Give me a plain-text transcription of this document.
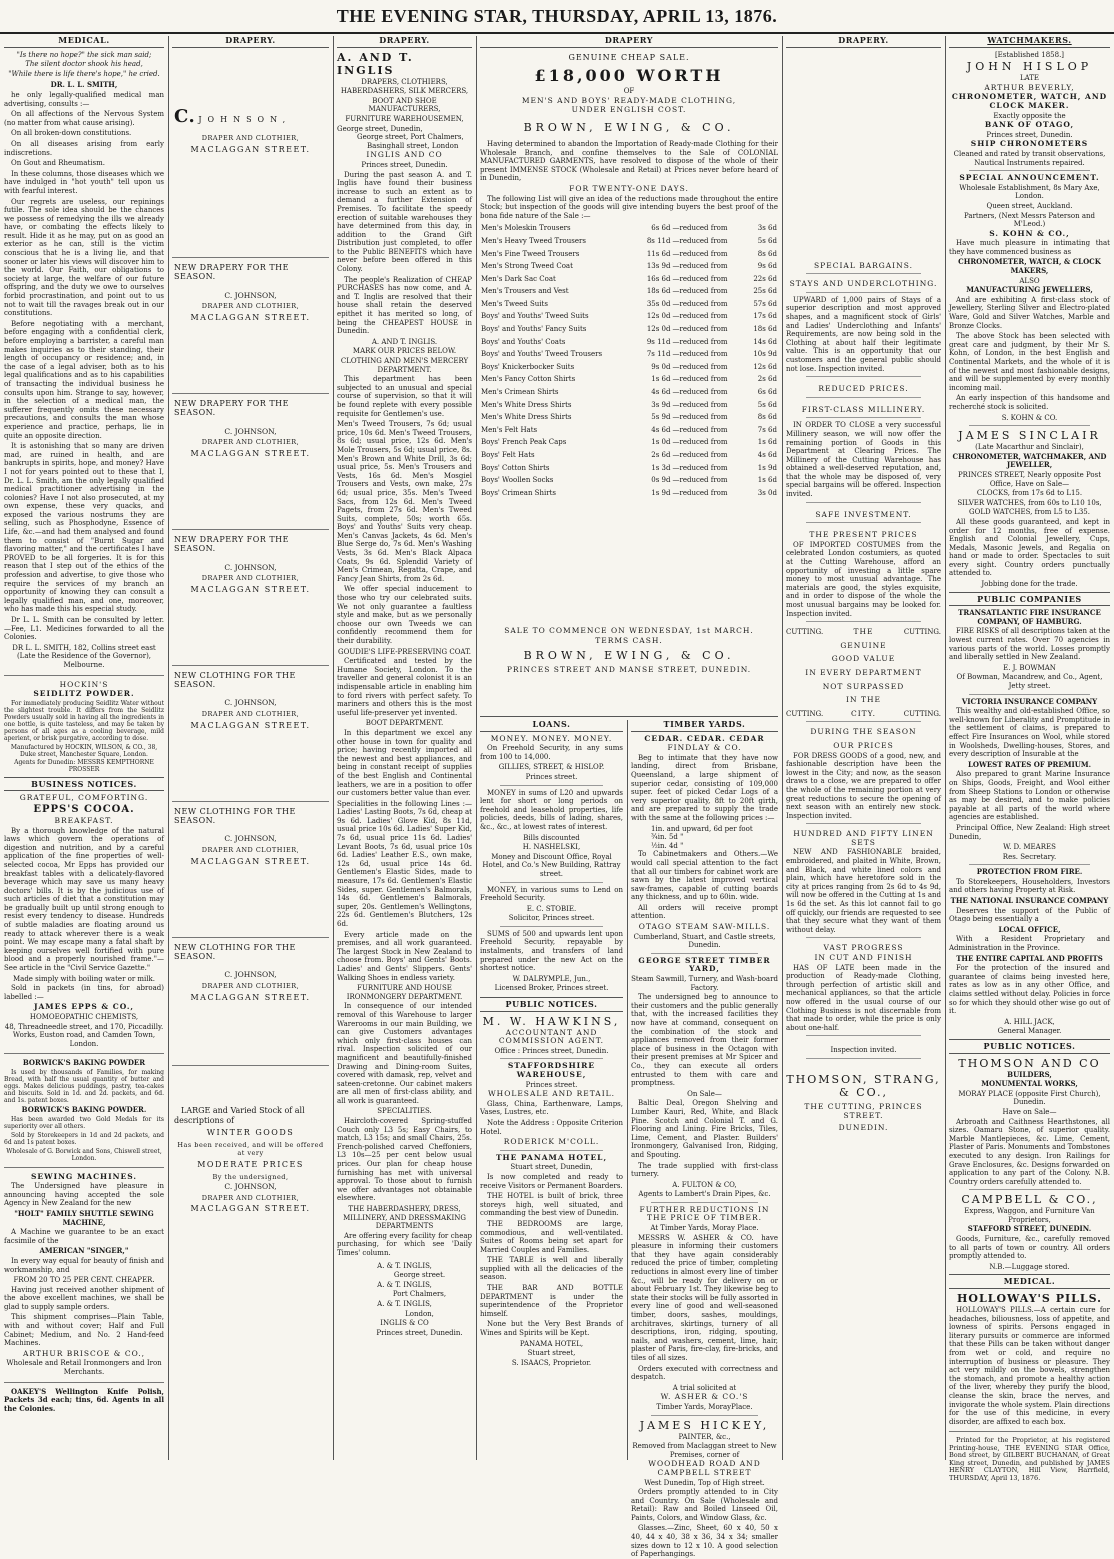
THE EVENING STAR, THURSDAY, APRIL 13, 1876.
MEDICAL.
"Is there no hope?" the sick man said;
The silent doctor shook his head,
"While there is life there's hope," he cried.
DR. L. L. SMITH,
he only legally-qualified medical man advertising, consults :—
On all affections of the Nervous System (no matter from what cause arising).
On all broken-down constitutions.
On all diseases arising from early indiscretions.
On Gout and Rheumatism.
In these columns, those diseases which we have indulged in "hot youth" tell upon us with fearful interest.
Our regrets are useless, our repinings futile. The sole idea should be the chances we possess of remedying the ills we already have, or combating the effects likely to result. Hide it as he may, put on as good an exterior as he can, still is the victim conscious that he is a living lie, and that sooner or later his views will discover him to the world. Our Faith, our obligations to society at large, the welfare of our future offspring, and the duty we owe to ourselves forbid procrastination, and point out to us not to wait till the ravages break out in our constitutions.
Before negotiating with a merchant, before engaging with a confidential clerk, before employing a barrister, a careful man makes inquiries as to their standing, their length of occupancy or residence; and, in the case of a legal adviser, both as to his legal qualifications and as to his capabilities of transacting the individual business he consults upon him. Strange to say, however, in the selection of a medical man, the sufferer frequently omits these necessary precautions, and consults the man whose experience and practice, perhaps, lie in quite an opposite direction.
It is astonishing that so many are driven mad, are ruined in health, and are bankrupts in spirits, hope, and money? Have I not for years pointed out to these that I, Dr. L. L. Smith, am the only legally qualified medical practitioner advertising in the colonies? Have I not also prosecuted, at my own expense, these very quacks, and exposed the various nostrums they are selling, such as Phosphodyne, Essence of Life, &c.—and had them analysed and found them to consist of "Burnt Sugar and flavoring matter," and the certificates I have PROVED to be all forgeries. It is for this reason that I step out of the ethics of the profession and advertise, to give those who require the services of my branch an opportunity of knowing they can consult a legally qualified man, and one, moreover, who has made this his especial study.
Dr L. L. Smith can be consulted by letter.—Fee, L1. Medicines forwarded to all the Colonies.
DR L. L. SMITH, 182, Collins street east (Late the Residence of the Governor), Melbourne.
HOCKIN'S
SEIDLITZ POWDER.
For immediately producing Seidlitz Water without the slightest trouble. It differs from the Seidlitz Powders usually sold in having all the ingredients in one bottle, is quite tasteless, and may be taken by persons of all ages as a cooling beverage, mild aperient, or brisk purgative, according to dose.
Manufactured by HOCKIN, WILSON, & CO., 38, Duke street, Manchester Square, London.
Agents for Dunedin: MESSRS KEMPTHORNE PROSSER
BUSINESS NOTICES.
GRATEFUL, COMFORTING.
EPPS'S COCOA.
BREAKFAST.
By a thorough knowledge of the natural laws which govern the operations of digestion and nutrition, and by a careful application of the fine properties of well-selected cocoa, Mr Epps has provided our breakfast tables with a delicately-flavored beverage which may save us many heavy doctors' bills. It is by the judicious use of such articles of diet that a constitution may be gradually built up until strong enough to resist every tendency to disease. Hundreds of subtle maladies are floating around us ready to attack wherever there is a weak point. We may escape many a fatal shaft by keeping ourselves well fortified with pure blood and a properly nourished frame."—See article in the "Civil Service Gazette."
Made simply with boiling water or milk.
Sold in packets (in tins, for abroad) labelled :—
JAMES EPPS & CO.,
HOMOEOPATHIC CHEMISTS,
48, Threadneedle street, and 170, Piccadilly. Works, Euston road, and Camden Town, London.
BORWICK'S BAKING POWDER
Is used by thousands of Families, for making Bread, with half the usual quantity of butter and eggs. Makes delicious puddings, pastry, tea-cakes and biscuits. Sold in 1d. and 2d. packets, and 6d. and 1s. patent boxes.
BORWICK'S BAKING POWDER.
Has been awarded two Gold Medals for its superiority over all others.
Sold by Storekeepers in 1d and 2d packets, and 6d and 1s patent boxes.
Wholesale of G. Borwick and Sons, Chiswell street, London.
SEWING MACHINES.
The Undersigned have pleasure in announcing having accepted the sole Agency in New Zealand for the new
"HOLT" FAMILY SHUTTLE SEWING MACHINE,
A Machine we guarantee to be an exact facsimile of the
AMERICAN "SINGER,"
In every way equal for beauty of finish and workmanship, and
FROM 20 TO 25 PER CENT. CHEAPER.
Having just received another shipment of the above excellent machines, we shall be glad to supply sample orders.
This shipment comprises—Plain Table, with and without cover; Half and Full Cabinet; Medium, and No. 2 Hand-feed Machines.
ARTHUR BRISCOE & CO.,
Wholesale and Retail Ironmongers and Iron Merchants.
OAKEY'S Wellington Knife Polish, Packets 3d each; tins, 6d. Agents in all the Colonies.
DRAPERY.
C. JOHNSON,
DRAPER AND CLOTHIER,
MACLAGGAN STREET.
NEW DRAPERY FOR THE SEASON.
C. JOHNSON,
DRAPER AND CLOTHIER,
MACLAGGAN STREET.
NEW DRAPERY FOR THE SEASON.
C. JOHNSON,
DRAPER AND CLOTHIER,
MACLAGGAN STREET.
NEW DRAPERY FOR THE SEASON.
C. JOHNSON,
DRAPER AND CLOTHIER,
MACLAGGAN STREET.
NEW CLOTHING FOR THE SEASON.
C. JOHNSON,
DRAPER AND CLOTHIER,
MACLAGGAN STREET.
NEW CLOTHING FOR THE SEASON.
C. JOHNSON,
DRAPER AND CLOTHIER,
MACLAGGAN STREET.
NEW CLOTHING FOR THE SEASON.
C. JOHNSON,
DRAPER AND CLOTHIER,
MACLAGGAN STREET.
LARGE and Varied Stock of all descriptions of
WINTER GOODS
Has been received, and will be offered at very
MODERATE PRICES
By the undersigned,
C. JOHNSON,
DRAPER AND CLOTHIER,
MACLAGGAN STREET.
DRAPERY.
A. AND T. INGLIS
DRAPERS, CLOTHIERS,
HABERDASHERS, SILK MERCERS,
BOOT AND SHOE MANUFACTURERS,
FURNITURE WAREHOUSEMEN,
George street, Dunedin,
George street, Port Chalmers,
Basinghall street, London
INGLIS AND CO
Princes street, Dunedin.
During the past season A. and T. Inglis have found their business increase to such an extent as to demand a further Extension of Premises. To facilitate the speedy erection of suitable warehouses they have determined from this day, in addition to the Grand Gift Distribution just completed, to offer to the Public BENEFITS which have never before been offered in this Colony.
The people's Realization of CHEAP PURCHASES has now come, and A. and T. Inglis are resolved that their house shall retain the deserved epithet it has merited so long, of being the CHEAPEST HOUSE in Dunedin.
A. AND T. INGLIS.
MARK OUR PRICES BELOW.
CLOTHING AND MEN'S MERCERY DEPARTMENT.
This department has been subjected to an unusual and special course of supervision, so that it will be found replete with every possible requisite for Gentlemen's use.
Men's Tweed Trousers, 7s 6d; usual price, 10s 6d. Men's Tweed Trousers, 8s 6d; usual price, 12s 6d. Men's Mole Trousers, 5s 6d; usual price, 8s. Men's Brown and White Drill, 3s 6d; usual price, 5s. Men's Trousers and Vests, 16s 6d. Men's Mosgiel Trousers and Vests, own make, 27s 6d; usual price, 35s. Men's Tweed Sacs, from 12s 6d. Men's Tweed Pagets, from 27s 6d. Men's Tweed Suits, complete, 50s; worth 65s. Boys' and Youths' Suits very cheap. Men's Canvas Jackets, 4s 6d. Men's Blue Serge do, 7s 6d. Men's Washing Vests, 3s 6d. Men's Black Alpaca Coats, 9s 6d. Splendid Variety of Men's Crimean, Regatta, Crape, and Fancy Jean Shirts, from 2s 6d.
We offer special inducement to those who try our celebrated suits. We not only guarantee a faultless style and make, but as we personally choose our own Tweeds we can confidently recommend them for their durability.
GOUDIE'S LIFE-PRESERVING COAT.
Certificated and tested by the Humane Society, London. To the traveller and general colonist it is an indispensable article in enabling him to ford rivers with perfect safety. To mariners and others this is the most useful life-preserver yet invented.
BOOT DEPARTMENT.
In this department we excel any other house in town for quality and price; having recently imported all the newest and best appliances, and being in constant receipt of supplies of the best English and Continental leathers, we are in a position to offer our customers better value than ever.
Specialities in the following Lines :— Ladies' Lasting Boots, 7s 6d, cheap at 9s 6d. Ladies' Glove Kid, 8s 11d, usual price 10s 6d. Ladies' Super Kid, 7s 6d, usual price 11s 6d. Ladies' Levant Boots, 7s 6d, usual price 10s 6d. Ladies' Leather E.S., own make, 12s 6d, usual price 14s 6d. Gentlemen's Elastic Sides, made to measure, 17s 6d. Gentlemen's Elastic Sides, super. Gentlemen's Balmorals, 14s 6d. Gentlemen's Balmorals, super, 20s. Gentlemen's Wellingtons, 22s 6d. Gentlemen's Blutchers, 12s 6d.
Every article made on the premises, and all work guaranteed. The largest Stock in New Zealand to choose from. Boys' and Gents' Boots. Ladies' and Gents' Slippers. Gents' Walking Shoes in endless variety.
FURNITURE AND HOUSE IRONMONGERY DEPARTMENT.
In consequence of our intended removal of this Warehouse to larger Warerooms in our main Building, we can give Customers advantages which only first-class houses can rival. Inspection solicited of our magnificent and beautifully-finished Drawing and Dining-room Suites, covered with damask, rep, velvet and sateen-cretonne. Our cabinet makers are all men of first-class ability, and all work is guaranteed.
SPECIALITIES.
Haircloth-covered Spring-stuffed Couch only L3 5s; Easy Chairs, to match, L3 15s; and small Chairs, 25s. French-polished carved Cheffoniers, L3 10s—25 per cent below usual prices. Our plan for cheap house furnishing has met with universal approval. To those about to furnish we offer advantages not obtainable elsewhere.
THE HABERDASHERY, DRESS, MILLINERY, AND DRESSMAKING DEPARTMENTS
Are offering every facility for cheap purchasing, for which see 'Daily Times' column.
A. & T. INGLIS,
George street.
A. & T. INGLIS,
Port Chalmers,
A. & T. INGLIS,
London,
INGLIS & CO
Princes street, Dunedin.
DRAPERY
GENUINE CHEAP SALE.
£18,000 WORTH
OF
MEN'S AND BOYS' READY-MADE CLOTHING,
UNDER ENGLISH COST.
BROWN, EWING, & CO.
Having determined to abandon the Importation of Ready-made Clothing for their Wholesale Branch, and confine themselves to the Sale of COLONIAL MANUFACTURED GARMENTS, have resolved to dispose of the whole of their present IMMENSE STOCK (Wholesale and Retail) at Prices never before heard of in Dunedin,
FOR TWENTY-ONE DAYS.
The following List will give an idea of the reductions made throughout the entire Stock; but inspection of the goods will give intending buyers the best proof of the bona fide nature of the Sale :—
Men's Moleskin Trousers	6s 6d	—reduced from	3s 6d
Men's Heavy Tweed Trousers	8s 11d	—reduced from	5s 6d
Men's Fine Tweed Trousers	11s 6d	—reduced from	8s 6d
Men's Strong Tweed Coat	13s 9d	—reduced from	9s 6d
Men's Dark Sac Coat	16s 6d	—reduced from	22s 6d
Men's Trousers and Vest	18s 6d	—reduced from	25s 6d
Men's Tweed Suits	35s 0d	—reduced from	57s 6d
Boys' and Youths' Tweed Suits	12s 0d	—reduced from	17s 6d
Boys' and Youths' Fancy Suits	12s 0d	—reduced from	18s 6d
Boys' and Youths' Coats	9s 11d	—reduced from	14s 6d
Boys' and Youths' Tweed Trousers	7s 11d	—reduced from	10s 9d
Boys' Knickerbocker Suits	9s 0d	—reduced from	12s 6d
Men's Fancy Cotton Shirts	1s 6d	—reduced from	2s 6d
Men's Crimean Shirts	4s 6d	—reduced from	6s 6d
Men's White Dress Shirts	3s 9d	—reduced from	5s 6d
Men's White Dress Shirts	5s 9d	—reduced from	8s 6d
Men's Felt Hats	4s 6d	—reduced from	7s 6d
Boys' French Peak Caps	1s 0d	—reduced from	1s 6d
Boys' Felt Hats	2s 6d	—reduced from	4s 6d
Boys' Cotton Shirts	1s 3d	—reduced from	1s 9d
Boys' Woollen Socks	0s 9d	—reduced from	1s 6d
Boys' Crimean Shirts	1s 9d	—reduced from	3s 0d
SALE TO COMMENCE ON WEDNESDAY, 1st MARCH.
TERMS CASH.
BROWN, EWING, & CO.
PRINCES STREET AND MANSE STREET, DUNEDIN.
LOANS.
MONEY. MONEY. MONEY.
On Freehold Security, in any sums from 100 to 14,000.
GILLIES, STREET, & HISLOP.
Princes street.
MONEY in sums of L20 and upwards lent for short or long periods on freehold and leasehold properties, life policies, deeds, bills of lading, shares, &c., &c., at lowest rates of interest.
Bills discounted
H. NASHELSKI,
Money and Discount Office, Royal Hotel, and Co.'s New Building, Rattray street.
MONEY, in various sums to Lend on Freehold Security.
E. C. STOBIE.
Solicitor, Princes street.
SUMS of 500 and upwards lent upon Freehold Security, repayable by instalments, and transfers of land prepared under the new Act on the shortest notice.
W. DALRYMPLE, Jun.,
Licensed Broker, Princes street.
PUBLIC NOTICES.
M. W. HAWKINS,
ACCOUNTANT AND COMMISSION AGENT.
Office : Princes street, Dunedin.
STAFFORDSHIRE WAREHOUSE,
Princes street.
WHOLESALE AND RETAIL.
Glass, China, Earthenware, Lamps, Vases, Lustres, etc.
Note the Address : Opposite Criterion Hotel.
RODERICK M'COLL.
THE PANAMA HOTEL,
Stuart street, Dunedin,
Is now completed and ready to receive Visitors or Permanent Boarders.
THE HOTEL is built of brick, three storeys high, well situated, and commanding the best view of Dunedin.
THE BEDROOMS are large, commodious, and well-ventilated. Suites of Rooms being set apart for Married Couples and Families.
THE TABLE is well and liberally supplied with all the delicacies of the season.
THE BAR AND BOTTLE DEPARTMENT is under the superintendence of the Proprietor himself.
None but the Very Best Brands of Wines and Spirits will be Kept.
PANAMA HOTEL,
Stuart street,
S. ISAACS, Proprietor.
TIMBER YARDS.
CEDAR. CEDAR. CEDAR
FINDLAY & CO.
Beg to intimate that they have now landing, direct from Brisbane, Queensland, a large shipment of superior cedar, consisting of 109,000 super. feet of picked Cedar Logs of a very superior quality, 8ft to 20ft girth, and are prepared to supply the trade with the same at the following prices :—
1in. and upward, 6d per foot
¾in. 5d "
½in. 4d "
To Cabinetmakers and Others.—We would call special attention to the fact that all our timbers for cabinet work are sawn by the latest improved vertical saw-frames, capable of cutting boards any thickness, and up to 60in. wide.
All orders will receive prompt attention.
OTAGO STEAM SAW-MILLS.
Cumberland, Stuart, and Castle streets, Dunedin.
GEORGE STREET TIMBER YARD,
Steam Sawmill, Turnery, and Wash-board Factory.
The undersigned beg to announce to their customers and the public generally that, with the increased facilities they now have at command, consequent on the combination of the stock and appliances removed from their former place of business in the Octagon with their present premises at Mr Spicer and Co., they can execute all orders entrusted to them with care and promptness.
On Sale—
Baltic Deal, Oregon Shelving and Lumber Kauri, Red, White, and Black Pine. Scotch and Colonial T. and G. Flooring and Lining. Fire Bricks, Tiles, Lime, Cement, and Plaster. Builders' Ironmongery, Galvanised Iron, Ridging, and Spouting.
The trade supplied with first-class turnery.
A. FULTON & CO,
Agents to Lambert's Drain Pipes, &c.
FURTHER REDUCTIONS IN THE PRICE OF TIMBER.
At Timber Yards, Moray Place.
MESSRS W. ASHER & CO. have pleasure in informing their customers that they have again considerably reduced the price of timber, completing reductions in almost every line of timber &c., will be ready for delivery on or about February 1st. They likewise beg to state their stocks will be fully assorted in every line of good and well-seasoned timber, doors, sashes, mouldings, architraves, skirtings, turnery of all descriptions, iron, ridging, spouting, nails, and washers, cement, lime, hair, plaster of Paris, fire-clay, fire-bricks, and tiles of all sizes.
Orders executed with correctness and despatch.
A trial solicited at
W. ASHER & CO.'S
Timber Yards, MorayPlace.
JAMES HICKEY,
PAINTER, &c.,
Removed from Maclaggan street to New Premises, corner of
WOODHEAD ROAD AND CAMPBELL STREET
West Dunedin, Top of High street.
Orders promptly attended to in City and Country. On Sale (Wholesale and Retail): Raw and Boiled Linseed Oil, Paints, Colors, and Window Glass, &c.
Glasses.—Zinc, Sheet, 60 x 40, 50 x 40, 44 x 40, 38 x 36, 34 x 34; smaller sizes down to 12 x 10. A good selection of Paperhangings.
DRAPERY.
SPECIAL BARGAINS.
STAYS AND UNDERCLOTHING.
UPWARD of 1,000 pairs of Stays of a superior description and most approved shapes, and a magnificent stock of Girls' and Ladies' Underclothing and Infants' Requirements, are now being sold in the Clothing at about half their legitimate value. This is an opportunity that our customers and the general public should not lose. Inspection invited.
REDUCED PRICES.
FIRST-CLASS MILLINERY.
IN ORDER TO CLOSE a very successful Millinery season, we will now offer the remaining portion of Goods in this Department at Clearing Prices. The Millinery of the Cutting Warehouse has obtained a well-deserved reputation, and, that the whole may be disposed of, very special bargains will be offered. Inspection invited.
SAFE INVESTMENT.
THE PRESENT PRICES
OF IMPORTED COSTUMES from the celebrated London costumiers, as quoted at the Cutting Warehouse, afford an opportunity of investing a little spare money to most unusual advantage. The materials are good, the styles exquisite, and in order to dispose of the whole the most unusual bargains may be looked for. Inspection invited.
CUTTING.	THE	CUTTING.
GENUINE
GOOD VALUE
IN EVERY DEPARTMENT
NOT SURPASSED
IN THE
CUTTING.	CITY.	CUTTING.
DURING THE SEASON
OUR PRICES
FOR DRESS GOODS of a good, new, and fashionable description have been the lowest in the City; and now, as the season draws to a close, we are prepared to offer the whole of the remaining portion at very great reductions to secure the opening of next season with an entirely new stock. Inspection invited.
HUNDRED AND FIFTY LINEN SETS
NEW AND FASHIONABLE braided, embroidered, and plaited in White, Brown, and Black, and white lined colors and plain, which have heretofore sold in the city at prices ranging from 2s 6d to 4s 9d, will now be offered in the Cutting at 1s and 1s 6d the set. As this lot cannot fail to go off quickly, our friends are requested to see that they secure what they want of them without delay.
VAST PROGRESS
IN CUT AND FINISH
HAS OF LATE been made in the production of Ready-made Clothing, through perfection of artistic skill and mechanical appliances, so that the article now offered in the usual course of our Clothing Business is not discernable from that made to order, while the price is only about one-half.
Inspection invited.
THOMSON, STRANG, & CO.,
THE CUTTING, PRINCES STREET.
DUNEDIN.
WATCHMAKERS.
[Established 1858.]
JOHN HISLOP
LATE
ARTHUR BEVERLY,
CHRONOMETER, WATCH, AND CLOCK MAKER.
Exactly opposite the
BANK OF OTAGO,
Princes street, Dunedin.
SHIP CHRONOMETERS
Cleaned and rated by transit observations, Nautical Instruments repaired.
SPECIAL ANNOUNCEMENT.
Wholesale Establishment, 8s Mary Axe, London.
Queen street, Auckland.
Partners, (Next Messrs Paterson and M'Leod.)
S. KOHN & CO.,
Have much pleasure in intimating that they have commenced business as
CHRONOMETER, WATCH, & CLOCK MAKERS,
ALSO
MANUFACTURING JEWELLERS,
And are exhibiting A first-class stock of Jewellery, Sterling Silver and Electro-plated Ware, Gold and Silver Watches, Marble and Bronze Clocks.
The above Stock has been selected with great care and judgment, by their Mr S. Kohn, of London, in the best English and Continental Markets, and the whole of it is of the newest and most fashionable designs, and will be supplemented by every monthly incoming mail.
An early inspection of this handsome and recherché stock is solicited.
S. KOHN & CO.
JAMES SINCLAIR
(Late Macarthur and Sinclair),
CHRONOMETER, WATCHMAKER, AND JEWELLER,
PRINCES STREET, Nearly opposite Post Office, Have on Sale—
CLOCKS, from 17s 6d to L15.
SILVER WATCHES, from 60s to L10 10s,
GOLD WATCHES, from L5 to L35.
All these goods guaranteed, and kept in order for 12 months, free of expense. English and Colonial Jewellery, Cups, Medals, Masonic Jewels, and Regalia on hand or made to order. Spectacles to suit every sight. Country orders punctually attended to.
Jobbing done for the trade.
PUBLIC COMPANIES
TRANSATLANTIC FIRE INSURANCE COMPANY, OF HAMBURG.
FIRE RISKS of all descriptions taken at the lowest current rates. Over 70 agencies in various parts of the world. Losses promptly and liberally settled in New Zealand.
E. J. BOWMAN
Of Bowman, Macandrew, and Co., Agent, Jetty street.
VICTORIA INSURANCE COMPANY
This wealthy and old-established Office, so well-known for Liberality and Promptitude in the settlement of claims, is prepared to effect Fire Insurances on Wool, while stored in Woolsheds, Dwelling-houses, Stores, and every description of Insurable at the
LOWEST RATES OF PREMIUM.
Also prepared to grant Marine Insurance on Ships, Goods, Freight, and Wool either from Sheep Stations to London or otherwise as may be desired, and to make policies payable at all parts of the world where agencies are established.
Principal Office, New Zealand: High street Dunedin,
W. D. MEARES
Res. Secretary.
PROTECTION FROM FIRE.
To Storekeepers, Householders, Investors and others having Property at Risk.
THE NATIONAL INSURANCE COMPANY
Deserves the support of the Public of Otago being essentially a
LOCAL OFFICE,
With a Resident Proprietary and Administration in the Province.
THE ENTIRE CAPITAL AND PROFITS
For the protection of the insured and guarantee of claims being invested here, rates as low as in any other Office, and claims settled without delay. Policies in force so for which they should other wise go out of it.
A. HILL JACK,
General Manager.
PUBLIC NOTICES.
THOMSON AND CO
BUILDERS,
MONUMENTAL WORKS,
MORAY PLACE (opposite First Church), Dunedin.
Have on Sale—
Arbroath and Caithness Hearthstones, all sizes. Oamaru Stone, of superior quality. Marble Mantlepieces, &c. Lime, Cement, Plaster of Paris. Monuments and Tombstones executed to any design. Iron Railings for Grave Enclosures, &c. Designs forwarded on application to any part of the Colony. N.B. Country orders carefully attended to.
CAMPBELL & CO.,
Express, Waggon, and Furniture Van Proprietors,
STAFFORD STREET, DUNEDIN.
Goods, Furniture, &c., carefully removed to all parts of town or country. All orders promptly attended to.
N.B.—Luggage stored.
MEDICAL.
HOLLOWAY'S PILLS.
HOLLOWAY'S PILLS.—A certain cure for headaches, biliousness, loss of appetite, and lowness of spirits. Persons engaged in literary pursuits or commerce are informed that these Pills can be taken without danger from wet or cold, and require no interruption of business or pleasure. They act very mildly on the bowels, strengthen the stomach, and promote a healthy action of the liver, whereby they purify the blood, cleanse the skin, brace the nerves, and invigorate the whole system. Plain directions for the use of this medicine, in every disorder, are affixed to each box.
Printed for the Proprietor, at his registered Printing-house, THE EVENING STAR Office, Bond street, by GILBERT BUCHANAN, of Great King street, Dunedin, and published by JAMES HENRY CLAYTON, Hill View, Harrfield, THURSDAY, April 13, 1876.
